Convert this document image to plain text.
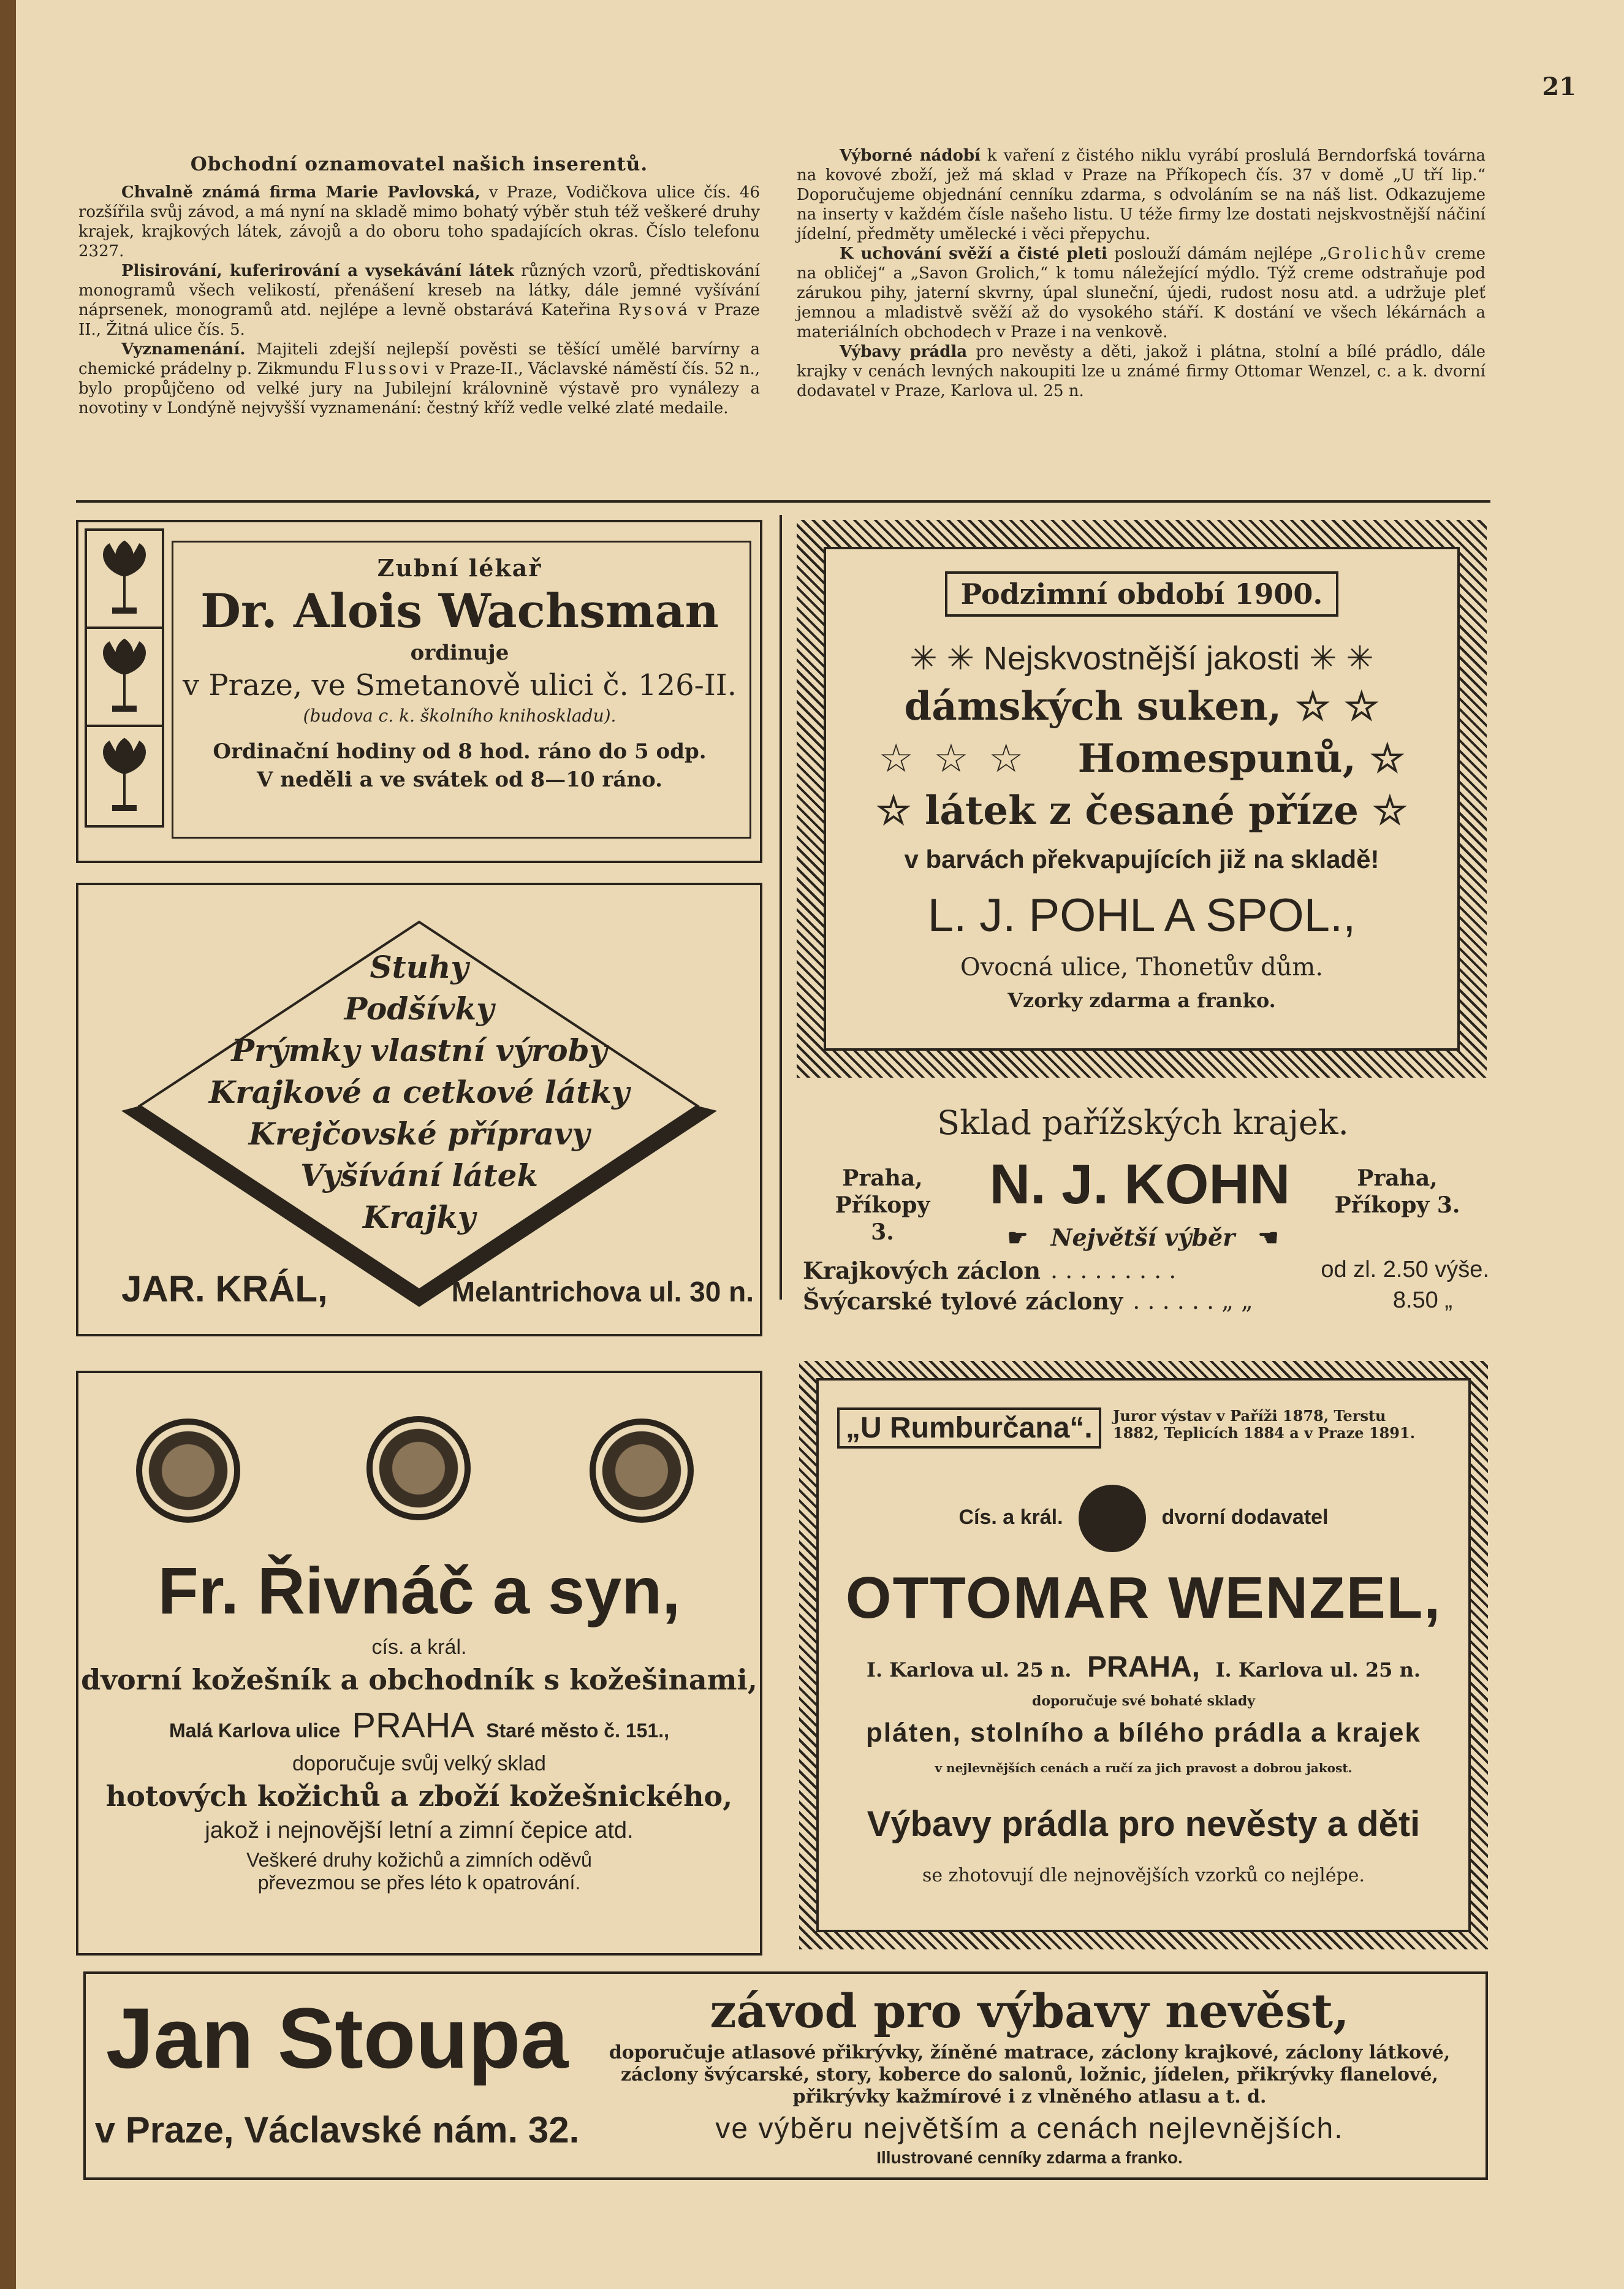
21
Obchodní oznamovatel našich inserentů.

Chvalně známá firma Marie Pavlovská, v Praze, Vodičkova ulice čís. 46 rozšířila svůj závod, a má nyní na skladě mimo bohatý výběr stuh též veškeré druhy krajek, krajkových látek, závojů a do oboru toho spadajících okras. Číslo telefonu 2327.

Plisirování, kuferirování a vysekávání látek různých vzorů, předtiskování monogramů všech velikostí, přenášení kreseb na látky, dále jemné vyšívání náprsenek, monogramů atd. nejlépe a levně obstarává Kateřina Rysová v Praze II., Žitná ulice čís. 5.

Vyznamenání. Majiteli zdejší nejlepší pověsti se těšící umělé barvírny a chemické prádelny p. Zikmundu Flussovi v Praze-II., Václavské náměstí čís. 52 n., bylo propůjčeno od velké jury na Jubilejní královnině výstavě pro vynálezy a novotiny v Londýně nejvyšší vyznamenání: čestný kříž vedle velké zlaté medaile.

Výborné nádobí k vaření z čistého niklu vyrábí proslulá Berndorfská továrna na kovové zboží, jež má sklad v Praze na Příkopech čís. 37 v domě „U tří lip.“ Doporučujeme objednání cenníku zdarma, s odvoláním se na náš list. Odkazujeme na inserty v každém čísle našeho listu. U téže firmy lze dostati nejskvostnější náčiní jídelní, předměty umělecké i věci přepychu.

K uchování svěží a čisté pleti poslouží dámám nejlépe „Grolichův creme na obličej“ a „Savon Grolich,“ k tomu náležející mýdlo. Týž creme odstraňuje pod zárukou pihy, jaterní skvrny, úpal sluneční, újedi, rudost nosu atd. a udržuje pleť jemnou a mladistvě svěží až do vysokého stáří. K dostání ve všech lékárnách a materiálních obchodech v Praze i na venkově.

Výbavy prádla pro nevěsty a děti, jakož i plátna, stolní a bílé prádlo, dále krajky v cenách levných nakoupiti lze u známé firmy Ottomar Wenzel, c. a k. dvorní dodavatel v Praze, Karlova ul. 25 n.

Zubní lékař
Dr. Alois Wachsman
ordinuje
v Praze, ve Smetanově ulici č. 126-II.
(budova c. k. školního knihoskladu).
Ordinační hodiny od 8 hod. ráno do 5 odp.
V neděli a ve svátek od 8—10 ráno.
Stuhy
Podšívky
Prýmky vlastní výroby
Krajkové a cetkové látky
Krejčovské přípravy
Vyšívání látek
Krajky
JAR. KRÁL,	Melantrichova ul. 30 n.
Podzimní období 1900.
✳ ✳ Nejskvostnější jakosti ✳ ✳
dámských suken, ☆ ☆
☆ ☆ ☆ Homespunů, ☆
☆ látek z česané příze ☆
v barvách překvapujících již na skladě!
L. J. POHL A SPOL.,
Ovocná ulice, Thonetův dům.
Vzorky zdarma a franko.
Sklad pařížských krajek.
Praha,
Příkopy 3.
N. J. KOHN	Praha,
Příkopy 3.
☛ Největší výběr ☚
Krajkových záclon . . . . . . . . .	od zl. 2.50 výše.
Švýcarské tylové záclony . . . . . . „ „	8.50 „
Fr. Řivnáč a syn,
cís. a král.
dvorní kožešník a obchodník s kožešinami,
Malá Karlova ulice PRAHA Staré město č. 151.,
doporučuje svůj velký sklad
hotových kožichů a zboží kožešnického,
jakož i nejnovější letní a zimní čepice atd.
Veškeré druhy kožichů a zimních oděvů převezmou se přes léto k opatrování.
„U Rumburčana“.	Juror výstav v Paříži 1878, Terstu 1882, Teplicích 1884 a v Praze 1891.
Cís. a král.	dvorní dodavatel
OTTOMAR WENZEL,
I. Karlova ul. 25 n. PRAHA, I. Karlova ul. 25 n.
doporučuje své bohaté sklady
pláten, stolního a bílého prádla a krajek
v nejlevnějších cenách a ručí za jich pravost a dobrou jakost.
Výbavy prádla pro nevěsty a děti
se zhotovují dle nejnovějších vzorků co nejlépe.
Jan Stoupa
v Praze, Václavské nám. 32.
závod pro výbavy nevěst,
doporučuje atlasové přikrývky, žíněné matrace, záclony krajkové, záclony látkové, záclony švýcarské, story, koberce do salonů, ložnic, jídelen, přikrývky flanelové, přikrývky kažmírové i z vlněného atlasu a t. d.
ve výběru největším a cenách nejlevnějších.
Illustrované cenníky zdarma a franko.
